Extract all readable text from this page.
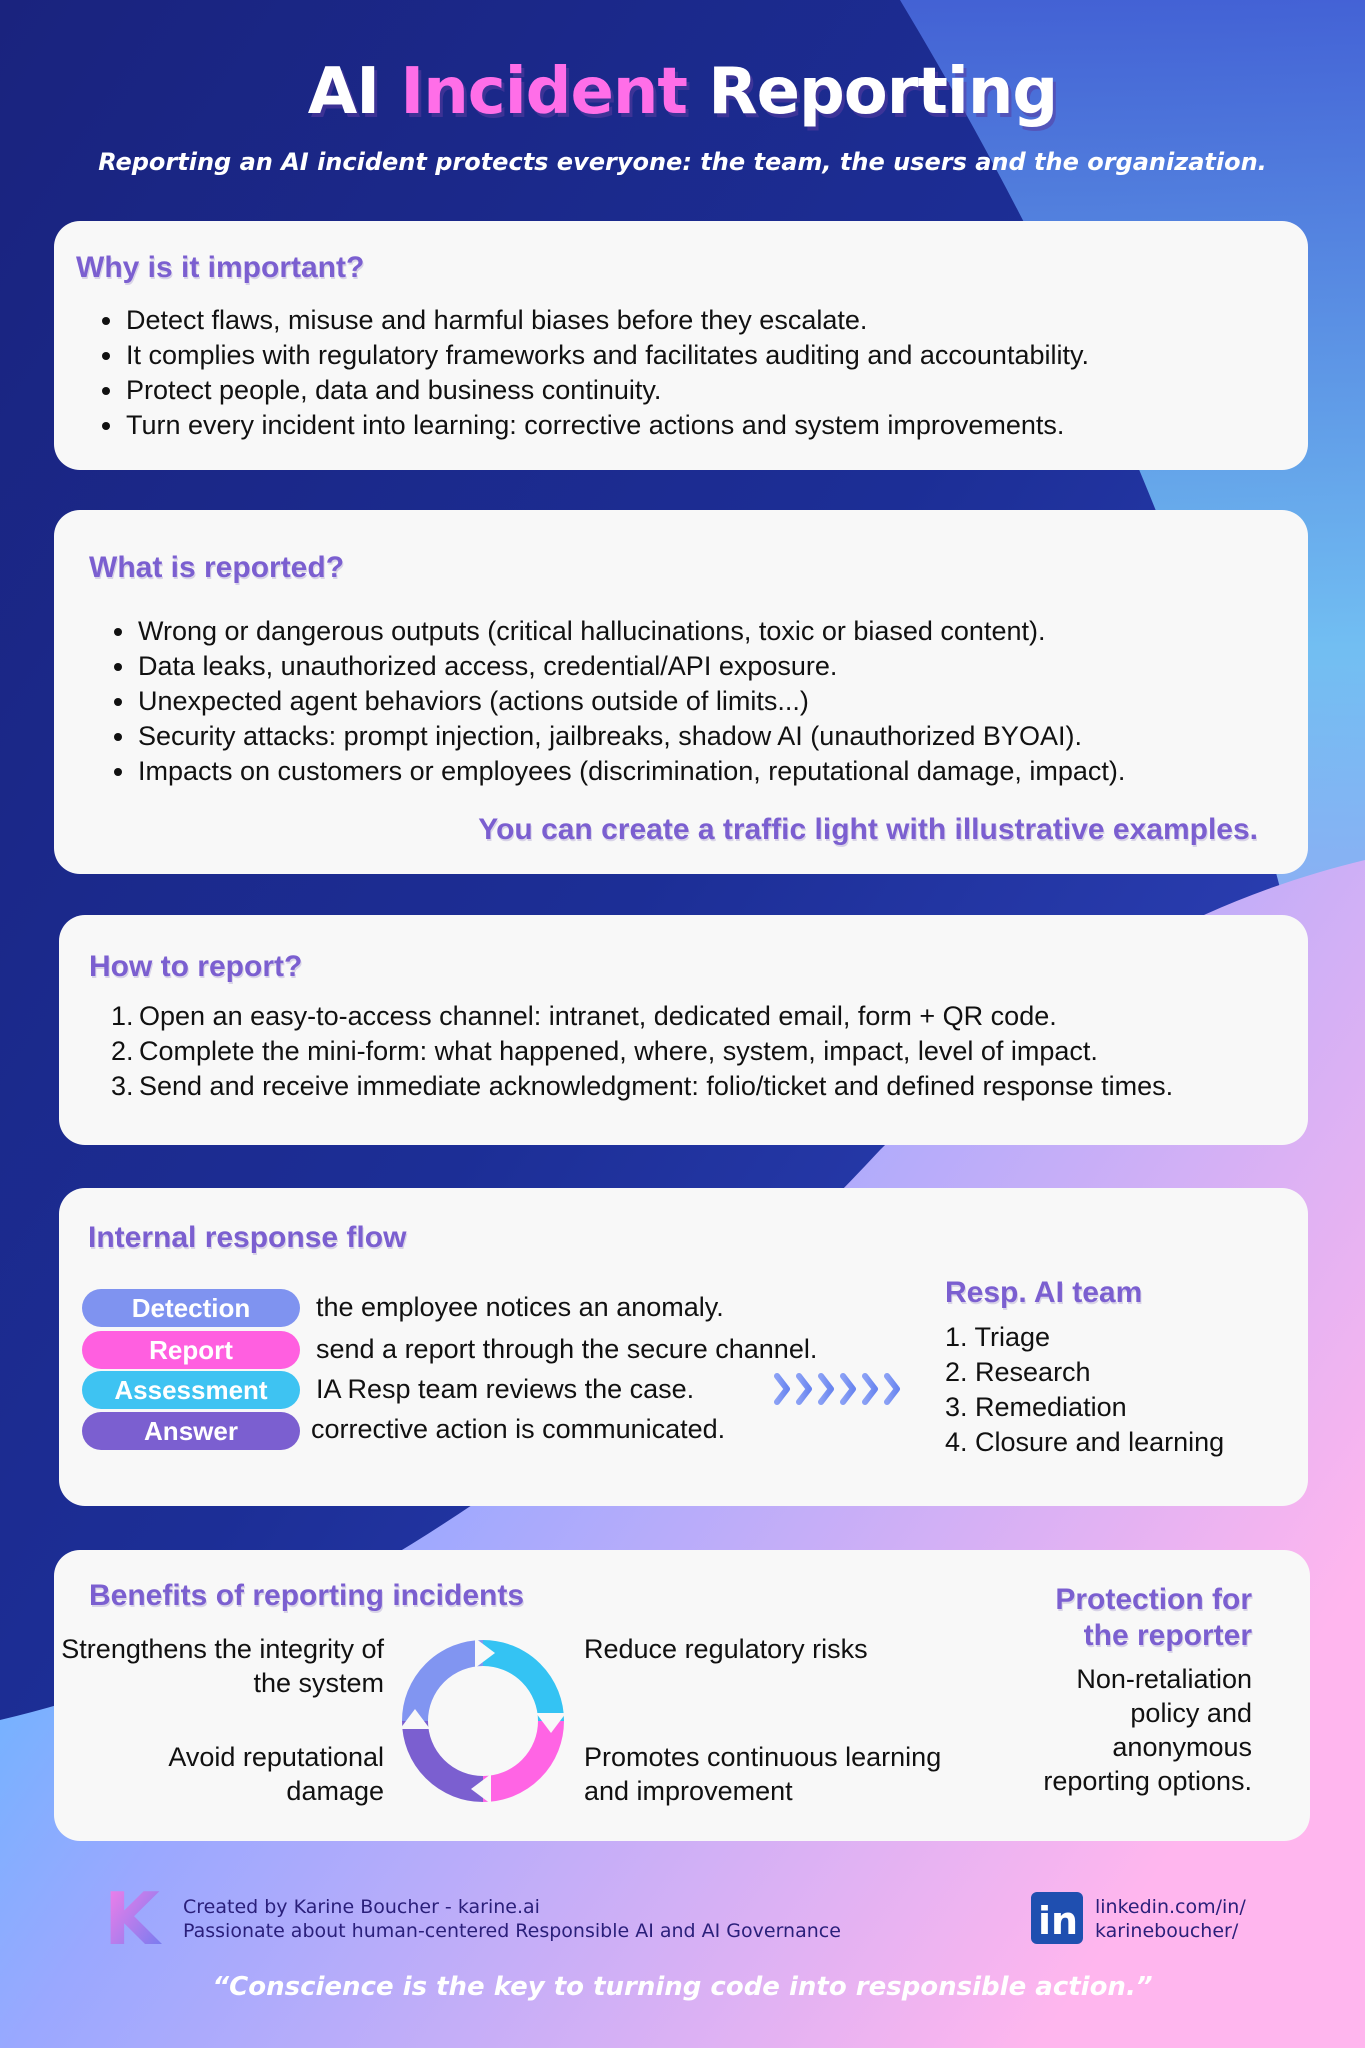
AI Incident Reporting
Reporting an AI incident protects everyone: the team, the users and the organization.
Why is it important?
Detect flaws, misuse and harmful biases before they escalate.
It complies with regulatory frameworks and facilitates auditing and accountability.
Protect people, data and business continuity.
Turn every incident into learning: corrective actions and system improvements.
What is reported?
Wrong or dangerous outputs (critical hallucinations, toxic or biased content).
Data leaks, unauthorized access, credential/API exposure.
Unexpected agent behaviors (actions outside of limits...)
Security attacks: prompt injection, jailbreaks, shadow AI (unauthorized BYOAI).
Impacts on customers or employees (discrimination, reputational damage, impact).
You can create a traffic light with illustrative examples.
How to report?
1. Open an easy-to-access channel: intranet, dedicated email, form + QR code.
2. Complete the mini-form: what happened, where, system, impact, level of impact.
3. Send and receive immediate acknowledgment: folio/ticket and defined response times.
Internal response flow
Detection	the employee notices an anomaly.
Report	send a report through the secure channel.
Assessment	IA Resp team reviews the case.
Answer	corrective action is communicated.
Resp. AI team
1. Triage
2. Research
3. Remediation
4. Closure and learning
Benefits of reporting incidents
Strengthens the integrity of the system
Reduce regulatory risks
Avoid reputational damage
Promotes continuous learning and improvement
Protection for
the reporter
Non-retaliation
policy and
anonymous
reporting options.
K Created by Karine Boucher - karine.ai
Passionate about human-centered Responsible AI and AI Governance	in linkedin.com/in/
karineboucher/
“Conscience is the key to turning code into responsible action.”
